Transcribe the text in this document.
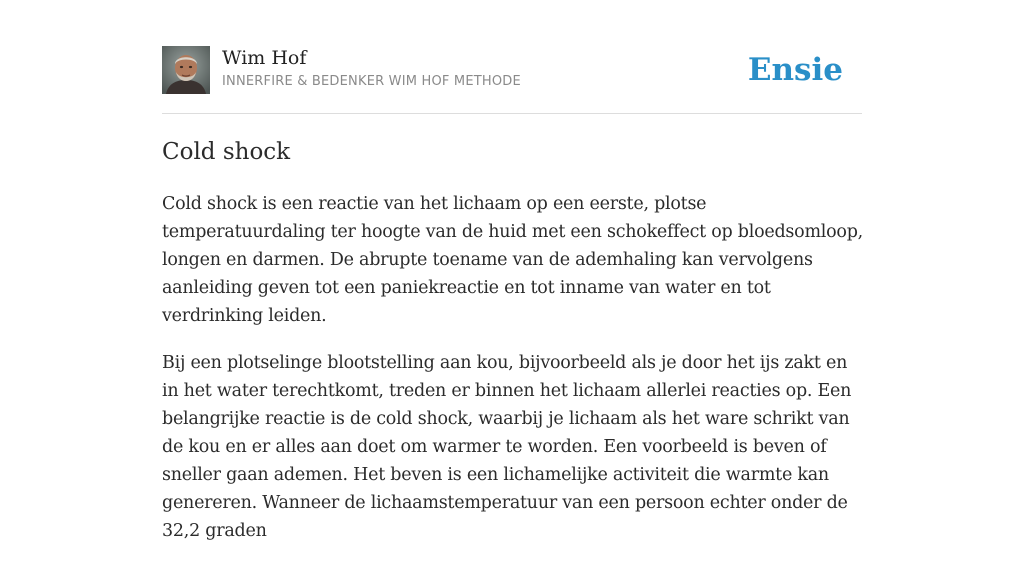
Wim Hof
INNERFIRE & BEDENKER WIM HOF METHODE	Ensie
Cold shock

Cold shock is een reactie van het lichaam op een eerste, plotse temperatuurdaling ter hoogte van de huid met een schokeffect op bloedsomloop, longen en darmen. De abrupte toename van de ademhaling kan vervolgens aanleiding geven tot een paniekreactie en tot inname van water en tot verdrinking leiden.

Bij een plotselinge blootstelling aan kou, bijvoorbeeld als je door het ijs zakt en in het water terechtkomt, treden er binnen het lichaam allerlei reacties op. Een belangrijke reactie is de cold shock, waarbij je lichaam als het ware schrikt van de kou en er alles aan doet om warmer te worden. Een voorbeeld is beven of sneller gaan ademen. Het beven is een lichamelijke activiteit die warmte kan genereren. Wanneer de lichaamstemperatuur van een persoon echter onder de 32,2 graden
